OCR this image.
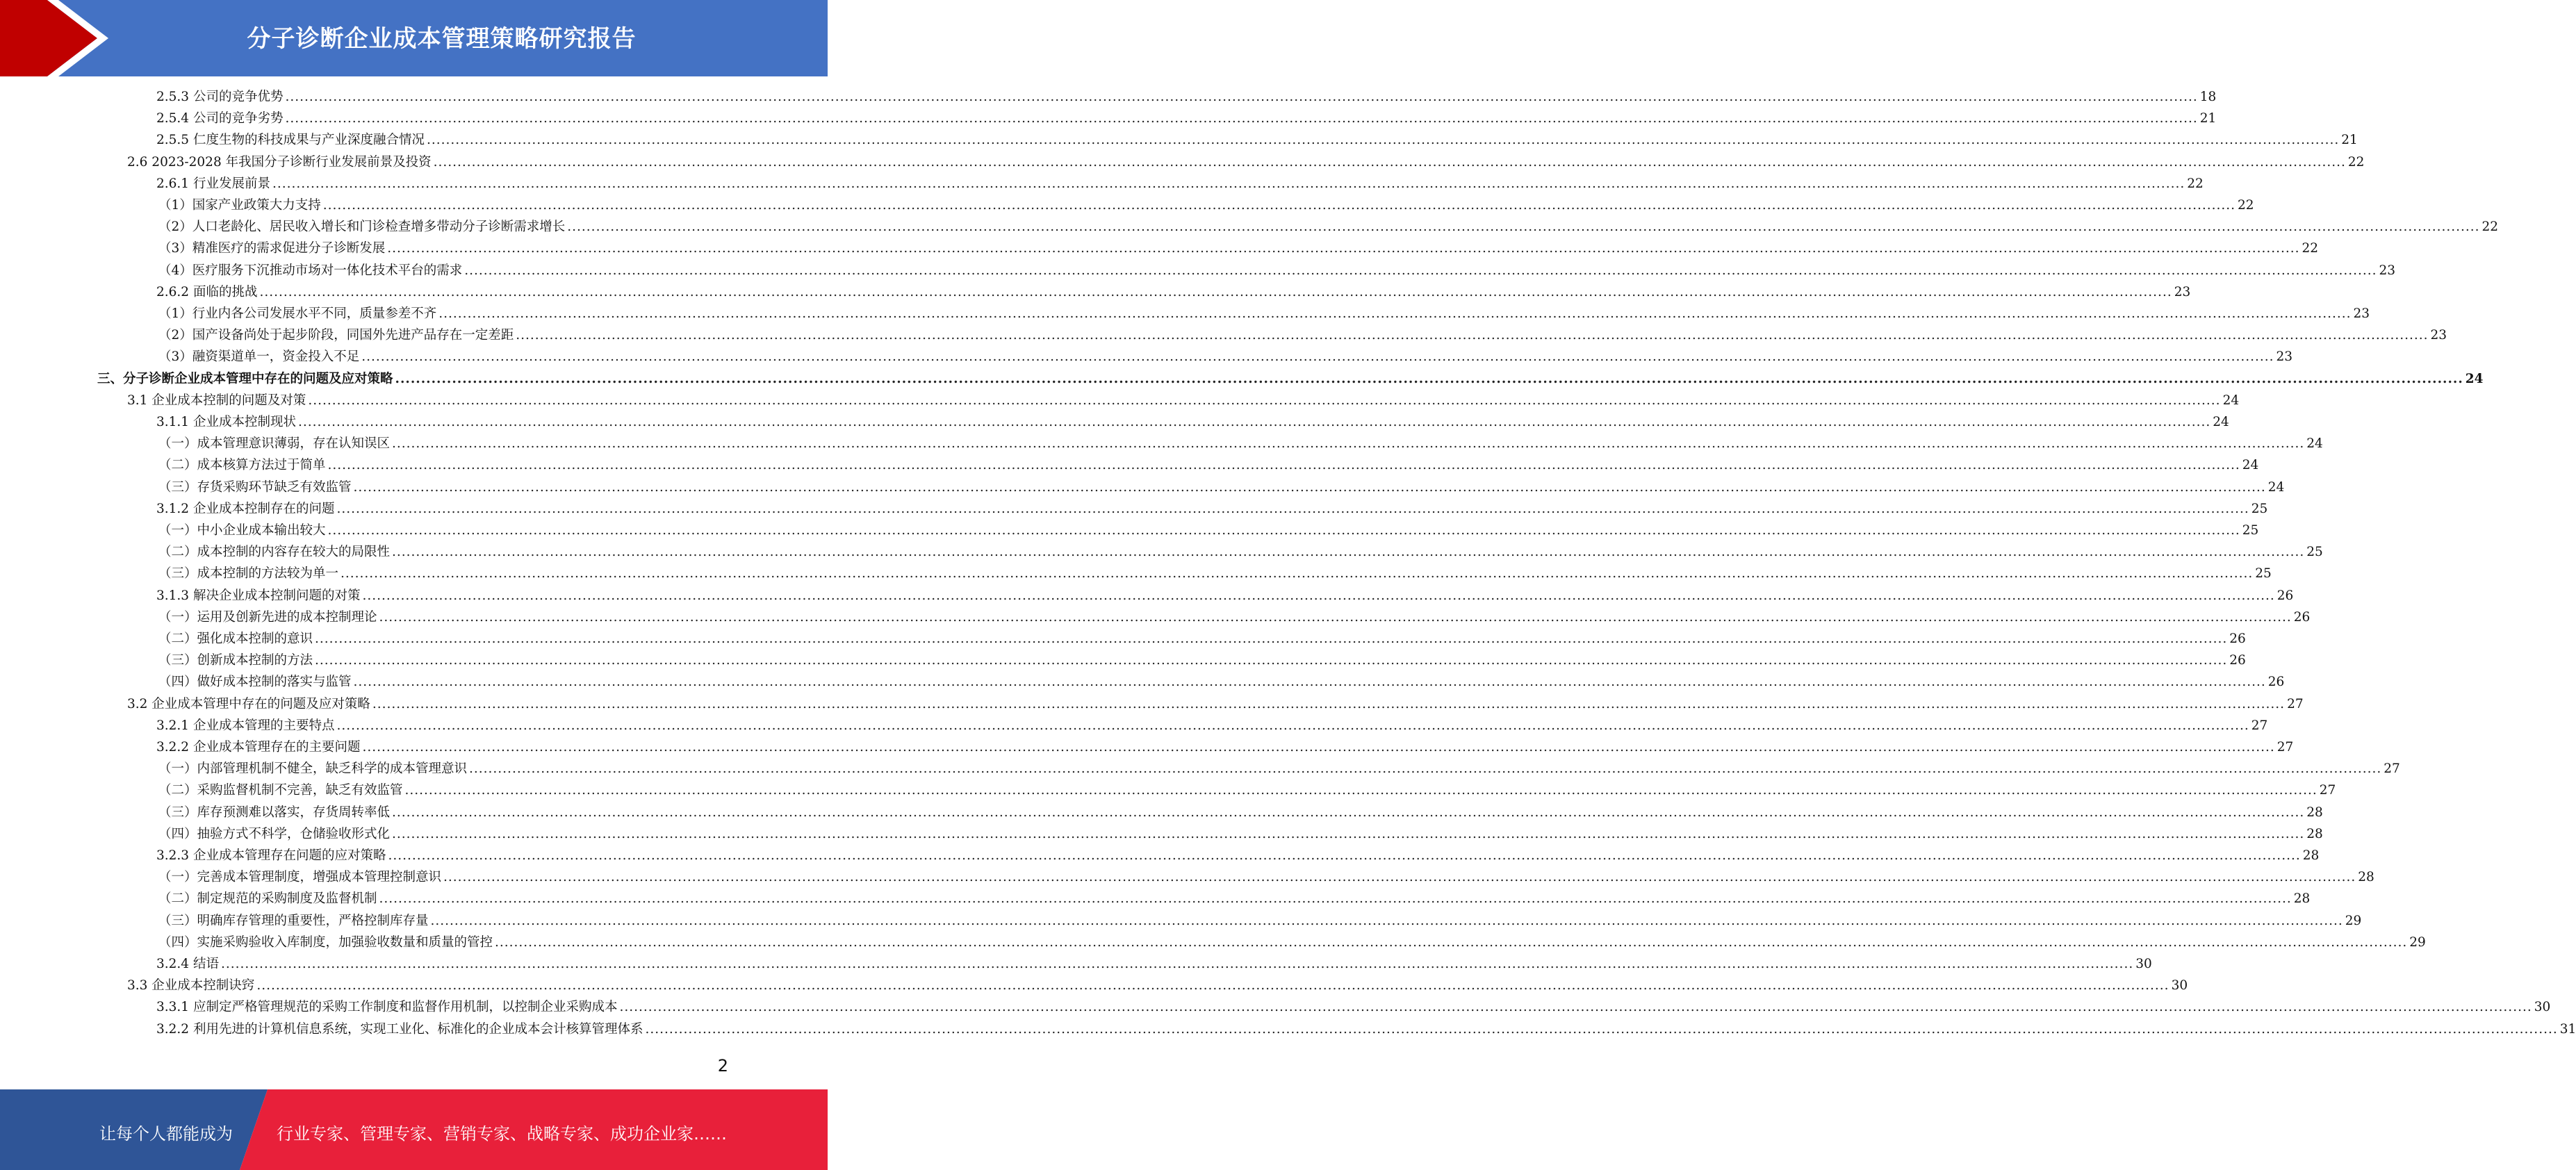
分子诊断企业成本管理策略研究报告
2.5.3 公司的竞争优势 ................................................................................................................................................................................................................................................................................................................................................................................................................ 18
2.5.4 公司的竞争劣势 ................................................................................................................................................................................................................................................................................................................................................................................................................ 21
2.5.5 仁度生物的科技成果与产业深度融合情况 ................................................................................................................................................................................................................................................................................................................................................................................................................ 21
2.6 2023-2028 年我国分子诊断行业发展前景及投资 ................................................................................................................................................................................................................................................................................................................................................................................................................ 22
2.6.1 行业发展前景 ................................................................................................................................................................................................................................................................................................................................................................................................................ 22
（1）国家产业政策大力支持 ................................................................................................................................................................................................................................................................................................................................................................................................................ 22
（2）人口老龄化、居民收入增长和门诊检查增多带动分子诊断需求增长 ................................................................................................................................................................................................................................................................................................................................................................................................................ 22
（3）精准医疗的需求促进分子诊断发展 ................................................................................................................................................................................................................................................................................................................................................................................................................ 22
（4）医疗服务下沉推动市场对一体化技术平台的需求 ................................................................................................................................................................................................................................................................................................................................................................................................................ 23
2.6.2 面临的挑战 ................................................................................................................................................................................................................................................................................................................................................................................................................ 23
（1）行业内各公司发展水平不同，质量参差不齐 ................................................................................................................................................................................................................................................................................................................................................................................................................ 23
（2）国产设备尚处于起步阶段，同国外先进产品存在一定差距 ................................................................................................................................................................................................................................................................................................................................................................................................................ 23
（3）融资渠道单一，资金投入不足 ................................................................................................................................................................................................................................................................................................................................................................................................................ 23
三、分子诊断企业成本管理中存在的问题及应对策略 ................................................................................................................................................................................................................................................................................................................................................................................................................ 24
3.1 企业成本控制的问题及对策 ................................................................................................................................................................................................................................................................................................................................................................................................................ 24
3.1.1 企业成本控制现状 ................................................................................................................................................................................................................................................................................................................................................................................................................ 24
（一）成本管理意识薄弱，存在认知误区 ................................................................................................................................................................................................................................................................................................................................................................................................................ 24
（二）成本核算方法过于简单 ................................................................................................................................................................................................................................................................................................................................................................................................................ 24
（三）存货采购环节缺乏有效监管 ................................................................................................................................................................................................................................................................................................................................................................................................................ 24
3.1.2 企业成本控制存在的问题 ................................................................................................................................................................................................................................................................................................................................................................................................................ 25
（一）中小企业成本输出较大 ................................................................................................................................................................................................................................................................................................................................................................................................................ 25
（二）成本控制的内容存在较大的局限性 ................................................................................................................................................................................................................................................................................................................................................................................................................ 25
（三）成本控制的方法较为单一 ................................................................................................................................................................................................................................................................................................................................................................................................................ 25
3.1.3 解决企业成本控制问题的对策 ................................................................................................................................................................................................................................................................................................................................................................................................................ 26
（一）运用及创新先进的成本控制理论 ................................................................................................................................................................................................................................................................................................................................................................................................................ 26
（二）强化成本控制的意识 ................................................................................................................................................................................................................................................................................................................................................................................................................ 26
（三）创新成本控制的方法 ................................................................................................................................................................................................................................................................................................................................................................................................................ 26
（四）做好成本控制的落实与监管 ................................................................................................................................................................................................................................................................................................................................................................................................................ 26
3.2 企业成本管理中存在的问题及应对策略 ................................................................................................................................................................................................................................................................................................................................................................................................................ 27
3.2.1 企业成本管理的主要特点 ................................................................................................................................................................................................................................................................................................................................................................................................................ 27
3.2.2 企业成本管理存在的主要问题 ................................................................................................................................................................................................................................................................................................................................................................................................................ 27
（一）内部管理机制不健全，缺乏科学的成本管理意识 ................................................................................................................................................................................................................................................................................................................................................................................................................ 27
（二）采购监督机制不完善，缺乏有效监管 ................................................................................................................................................................................................................................................................................................................................................................................................................ 27
（三）库存预测难以落实，存货周转率低 ................................................................................................................................................................................................................................................................................................................................................................................................................ 28
（四）抽验方式不科学，仓储验收形式化 ................................................................................................................................................................................................................................................................................................................................................................................................................ 28
3.2.3 企业成本管理存在问题的应对策略 ................................................................................................................................................................................................................................................................................................................................................................................................................ 28
（一）完善成本管理制度，增强成本管理控制意识 ................................................................................................................................................................................................................................................................................................................................................................................................................ 28
（二）制定规范的采购制度及监督机制 ................................................................................................................................................................................................................................................................................................................................................................................................................ 28
（三）明确库存管理的重要性，严格控制库存量 ................................................................................................................................................................................................................................................................................................................................................................................................................ 29
（四）实施采购验收入库制度，加强验收数量和质量的管控 ................................................................................................................................................................................................................................................................................................................................................................................................................ 29
3.2.4 结语 ................................................................................................................................................................................................................................................................................................................................................................................................................ 30
3.3 企业成本控制诀窍 ................................................................................................................................................................................................................................................................................................................................................................................................................ 30
3.3.1 应制定严格管理规范的采购工作制度和监督作用机制，以控制企业采购成本 ................................................................................................................................................................................................................................................................................................................................................................................................................ 30
3.2.2 利用先进的计算机信息系统，实现工业化、标准化的企业成本会计核算管理体系 ................................................................................................................................................................................................................................................................................................................................................................................................................ 31
2
让每个人都能成为	行业专家、管理专家、营销专家、战略专家、成功企业家……
